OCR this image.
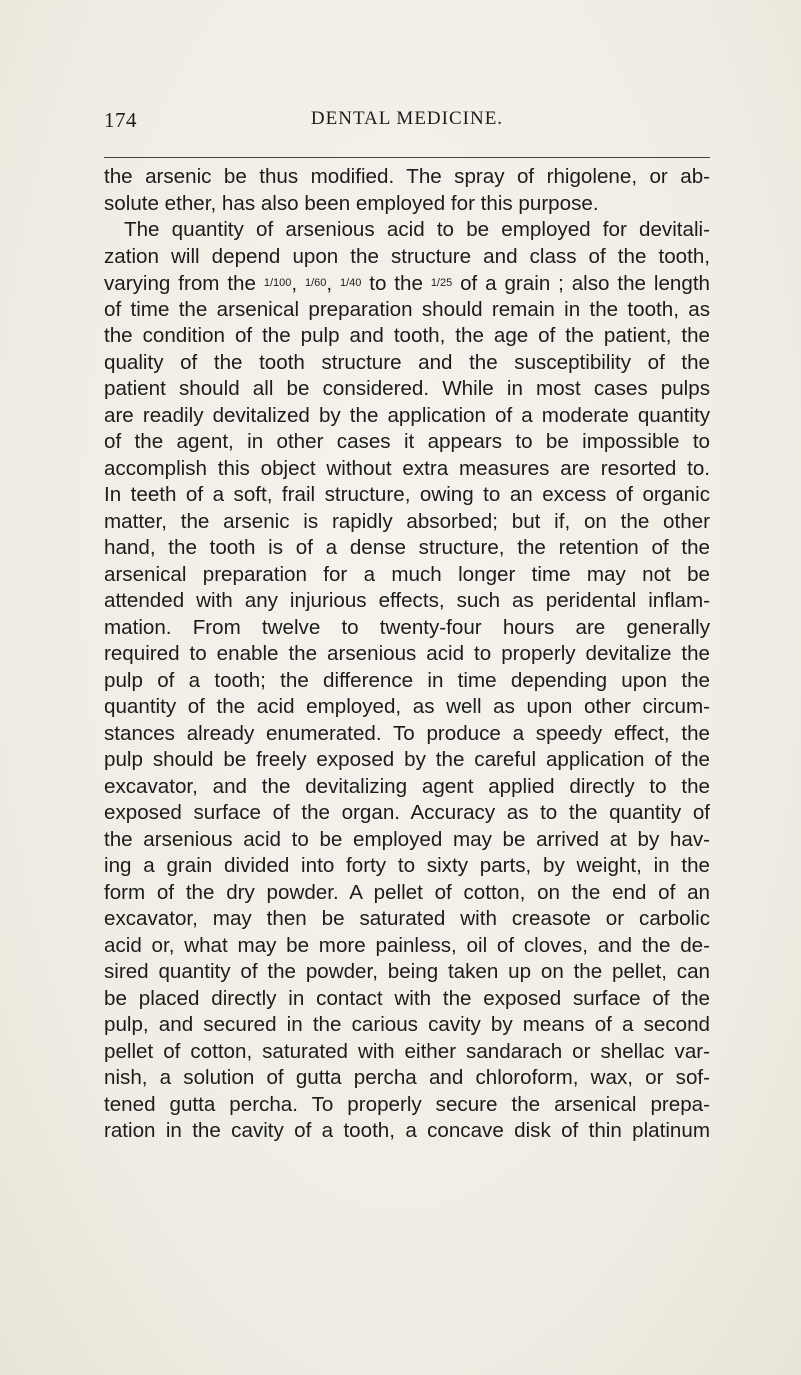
174	DENTAL MEDICINE.
the arsenic be thus modified. The spray of rhigolene, or ab-
solute ether, has also been employed for this purpose.
The quantity of arsenious acid to be employed for devitali-
zation will depend upon the structure and class of the tooth,
varying from the 1/100, 1/60, 1/40 to the 1/25 of a grain ; also the length
of time the arsenical preparation should remain in the tooth, as
the condition of the pulp and tooth, the age of the patient, the
quality of the tooth structure and the susceptibility of the
patient should all be considered. While in most cases pulps
are readily devitalized by the application of a moderate quantity
of the agent, in other cases it appears to be impossible to
accomplish this object without extra measures are resorted to.
In teeth of a soft, frail structure, owing to an excess of organic
matter, the arsenic is rapidly absorbed; but if, on the other
hand, the tooth is of a dense structure, the retention of the
arsenical preparation for a much longer time may not be
attended with any injurious effects, such as peridental inflam-
mation. From twelve to twenty-four hours are generally
required to enable the arsenious acid to properly devitalize the
pulp of a tooth; the difference in time depending upon the
quantity of the acid employed, as well as upon other circum-
stances already enumerated. To produce a speedy effect, the
pulp should be freely exposed by the careful application of the
excavator, and the devitalizing agent applied directly to the
exposed surface of the organ. Accuracy as to the quantity of
the arsenious acid to be employed may be arrived at by hav-
ing a grain divided into forty to sixty parts, by weight, in the
form of the dry powder. A pellet of cotton, on the end of an
excavator, may then be saturated with creasote or carbolic
acid or, what may be more painless, oil of cloves, and the de-
sired quantity of the powder, being taken up on the pellet, can
be placed directly in contact with the exposed surface of the
pulp, and secured in the carious cavity by means of a second
pellet of cotton, saturated with either sandarach or shellac var-
nish, a solution of gutta percha and chloroform, wax, or sof-
tened gutta percha. To properly secure the arsenical prepa-
ration in the cavity of a tooth, a concave disk of thin platinum
